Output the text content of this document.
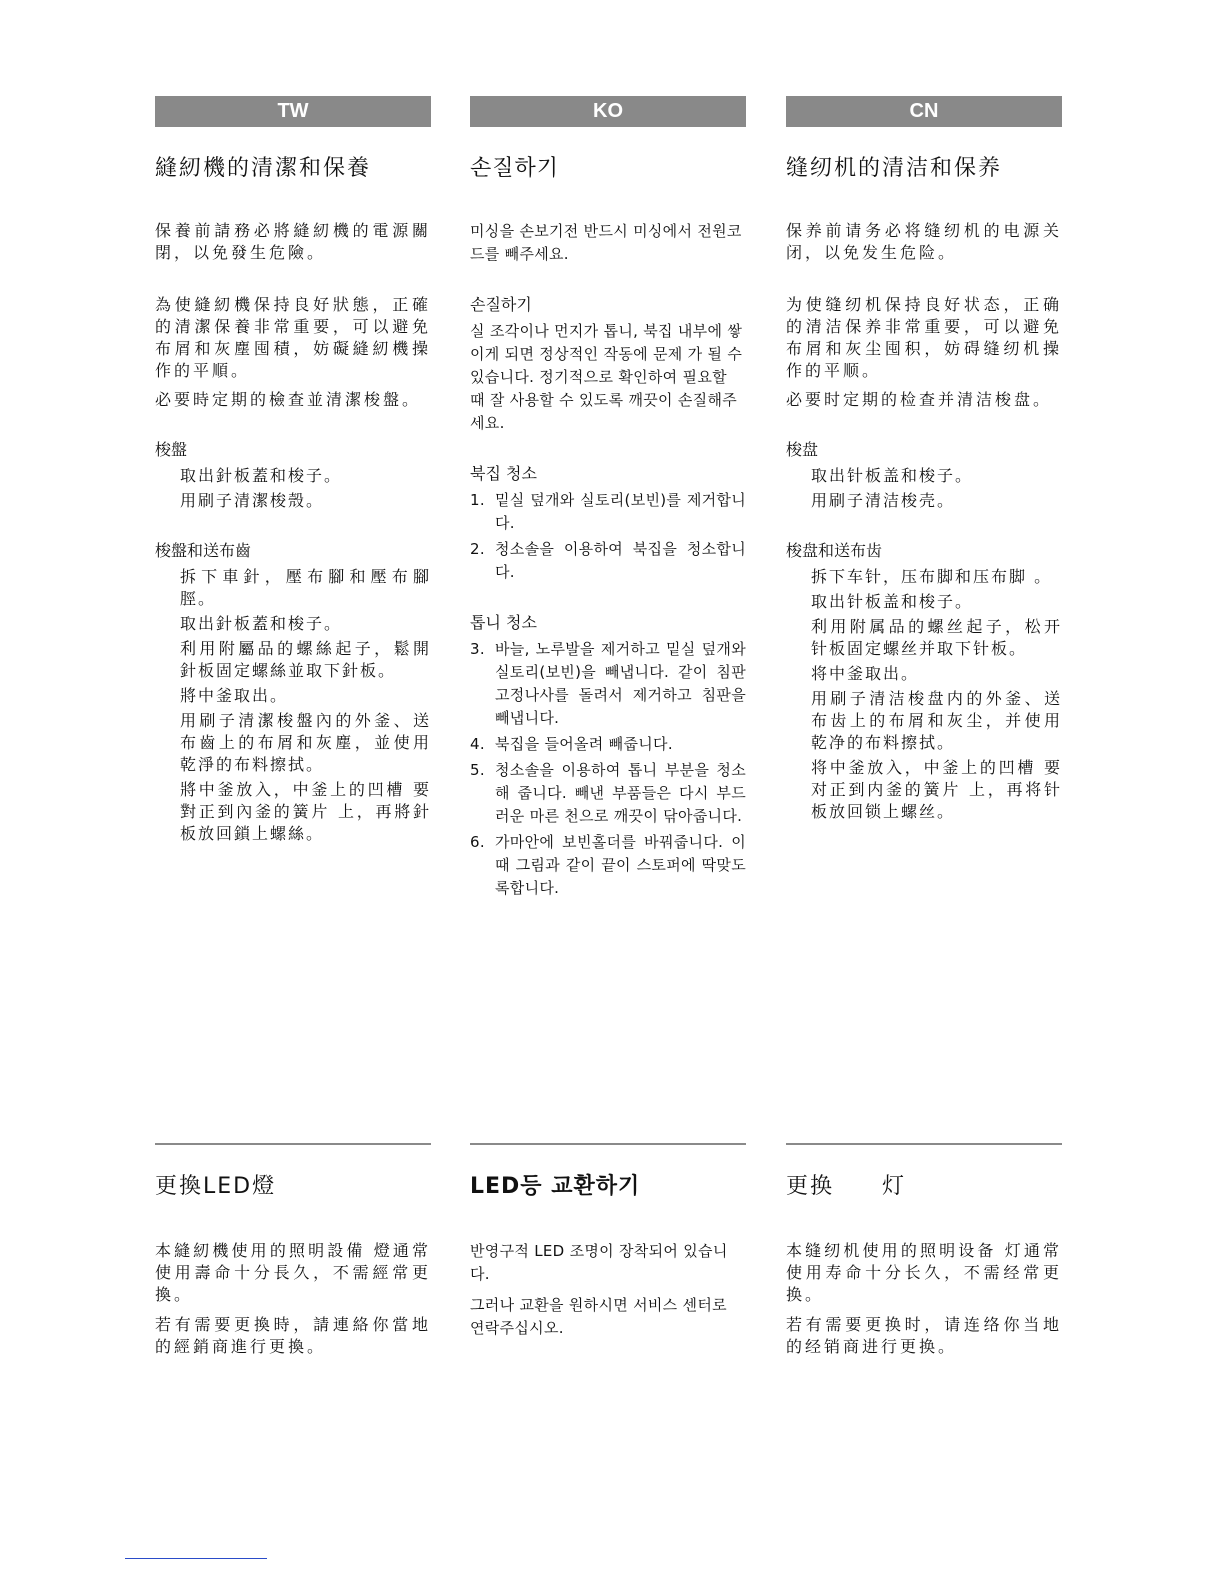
TW
縫紉機的清潔和保養

保養前請務必將縫紉機的電源關閉，以免發生危險。

為使縫紉機保持良好狀態，正確的清潔保養非常重要，可以避免布屑和灰塵囤積，妨礙縫紉機操作的平順。

必要時定期的檢查並清潔梭盤。

梭盤

取出針板蓋和梭子。

用刷子清潔梭殼。

梭盤和送布齒

拆下車針，壓布腳和壓布腳脛。

取出針板蓋和梭子。

利用附屬品的螺絲起子，鬆開針板固定螺絲並取下針板。

將中釜取出。

用刷子清潔梭盤內的外釜、送布齒上的布屑和灰塵，並使用乾淨的布料擦拭。

將中釜放入，中釜上的凹槽 要對正到內釜的簧片 上，再將針板放回鎖上螺絲。

KO
손질하기

미싱을 손보기전 반드시 미싱에서 전원코드를 빼주세요.

손질하기

실 조각이나 먼지가 톱니, 북집 내부에 쌓이게 되면 정상적인 작동에 문제 가 될 수 있습니다. 정기적으로 확인하여 필요할 때 잘 사용할 수 있도록 깨끗이 손질해주세요.

북집 청소

1. 밑실 덮개와 실토리(보빈)를 제거합니다.

2. 청소솔을 이용하여 북집을 청소합니다.

톱니 청소

3. 바늘, 노루발을 제거하고 밑실 덮개와 실토리(보빈)을 빼냅니다. 같이 침판 고정나사를 돌려서 제거하고 침판을 빼냅니다.

4. 북집을 들어올려 빼줍니다.

5. 청소솔을 이용하여 톱니 부분을 청소해 줍니다. 빼낸 부품들은 다시 부드러운 마른 천으로 깨끗이 닦아줍니다.

6. 가마안에 보빈홀더를 바꿔줍니다. 이때 그림과 같이 끝이 스토퍼에 딱맞도록합니다.

CN
缝纫机的清洁和保养

保养前请务必将缝纫机的电源关闭，以免发生危险。

为使缝纫机保持良好状态，正确的清洁保养非常重要，可以避免布屑和灰尘囤积，妨碍缝纫机操作的平顺。

必要时定期的检查并清洁梭盘。

梭盘

取出针板盖和梭子。

用刷子清洁梭壳。

梭盘和送布齿

拆下车针，压布脚和压布脚 。

取出针板盖和梭子。

利用附属品的螺丝起子，松开针板固定螺丝并取下针板。

将中釜取出。

用刷子清洁梭盘内的外釜、送布齿上的布屑和灰尘，并使用乾净的布料擦拭。

将中釜放入，中釜上的凹槽 要对正到内釜的簧片 上，再将针板放回锁上螺丝。

更換LED燈

本縫紉機使用的照明設備 燈通常使用壽命十分長久，不需經常更換。

若有需要更換時，請連絡你當地的經銷商進行更換。

LED등 교환하기

반영구적 LED 조명이 장착되어 있습니다.

그러나 교환을 원하시면 서비스 센터로 연락주십시오.

更换　　灯

本缝纫机使用的照明设备 灯通常使用寿命十分长久，不需经常更换。

若有需要更换时，请连络你当地的经销商进行更换。
